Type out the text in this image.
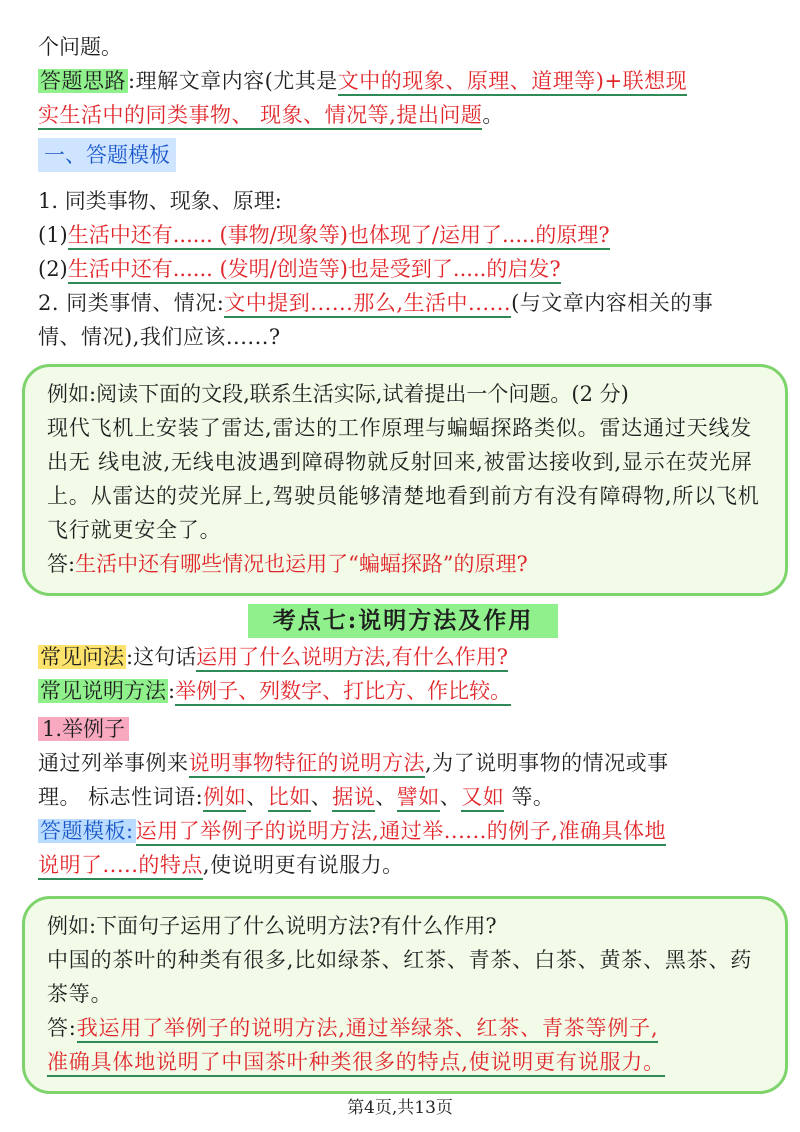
个问题。

答题思路:理解文章内容(尤其是文中的现象、原理、道理等)+联想现
实生活中的同类事物、 现象、情况等,提出问题。

一、答题模板

1. 同类事物、现象、原理:

(1)生活中还有...... (事物/现象等)也体现了/运用了.....的原理?

(2)生活中还有...... (发明/创造等)也是受到了.....的启发?

2. 同类事情、情况:文中提到......那么,生活中......(与文章内容相关的事
情、情况),我们应该......?

例如:阅读下面的文段,联系生活实际,试着提出一个问题。(2 分)

现代飞机上安装了雷达,雷达的工作原理与蝙蝠探路类似。雷达通过天线发出无 线电波,无线电波遇到障碍物就反射回来,被雷达接收到,显示在荧光屏上。从雷达的荧光屏上,驾驶员能够清楚地看到前方有没有障碍物,所以飞机飞行就更安全了。

答:生活中还有哪些情况也运用了“蝙蝠探路”的原理?

考点七:说明方法及作用

常见问法:这句话运用了什么说明方法,有什么作用?

常见说明方法:举例子、列数字、打比方、作比较。

1.举例子

通过列举事例来说明事物特征的说明方法,为了说明事物的情况或事
理。 标志性词语:例如、比如、据说、譬如、又如 等。

答题模板:运用了举例子的说明方法,通过举......的例子,准确具体地
说明了.....的特点,使说明更有说服力。

例如:下面句子运用了什么说明方法?有什么作用?

中国的茶叶的种类有很多,比如绿茶、红茶、青茶、白茶、黄茶、黑茶、药 茶等。

答:我运用了举例子的说明方法,通过举绿茶、红茶、青茶等例子,
准确具体地说明了中国茶叶种类很多的特点,使说明更有说服力。

第4页,共13页
